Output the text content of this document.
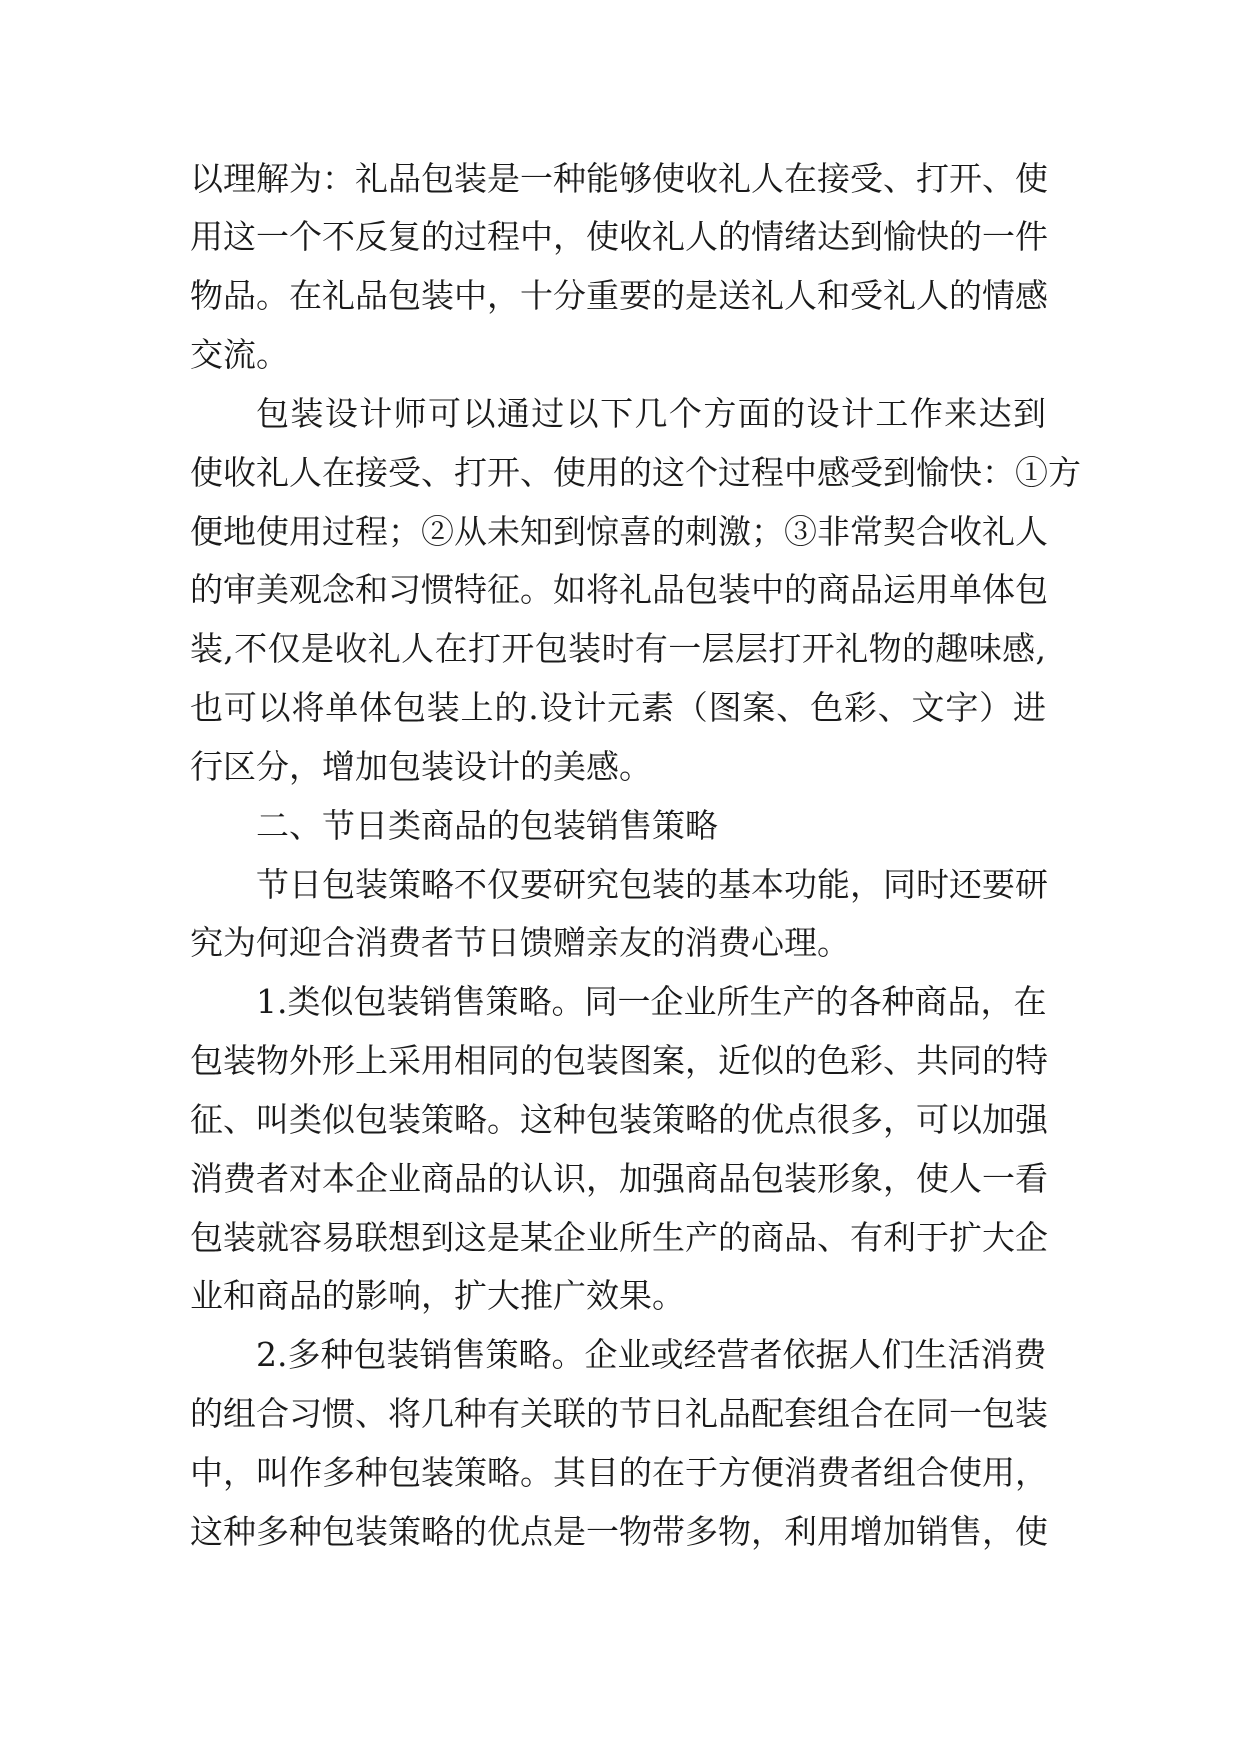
以理解为：礼品包装是一种能够使收礼人在接受、打开、使

用这一个不反复的过程中，使收礼人的情绪达到愉快的一件

物品。在礼品包装中，十分重要的是送礼人和受礼人的情感

交流。

包装设计师可以通过以下几个方面的设计工作来达到

使收礼人在接受、打开、使用的这个过程中感受到愉快：①方

便地使用过程；②从未知到惊喜的刺激；③非常契合收礼人

的审美观念和习惯特征。如将礼品包装中的商品运用单体包

装,不仅是收礼人在打开包装时有一层层打开礼物的趣味感,

也可以将单体包装上的.设计元素（图案、色彩、文字）进

行区分，增加包装设计的美感。

二、节日类商品的包装销售策略

节日包装策略不仅要研究包装的基本功能，同时还要研

究为何迎合消费者节日馈赠亲友的消费心理。

1.类似包装销售策略。同一企业所生产的各种商品，在

包装物外形上采用相同的包装图案，近似的色彩、共同的特

征、叫类似包装策略。这种包装策略的优点很多，可以加强

消费者对本企业商品的认识，加强商品包装形象，使人一看

包装就容易联想到这是某企业所生产的商品、有利于扩大企

业和商品的影响，扩大推广效果。

2.多种包装销售策略。企业或经营者依据人们生活消费

的组合习惯、将几种有关联的节日礼品配套组合在同一包装

中，叫作多种包装策略。其目的在于方便消费者组合使用，

这种多种包装策略的优点是一物带多物，利用增加销售，使
